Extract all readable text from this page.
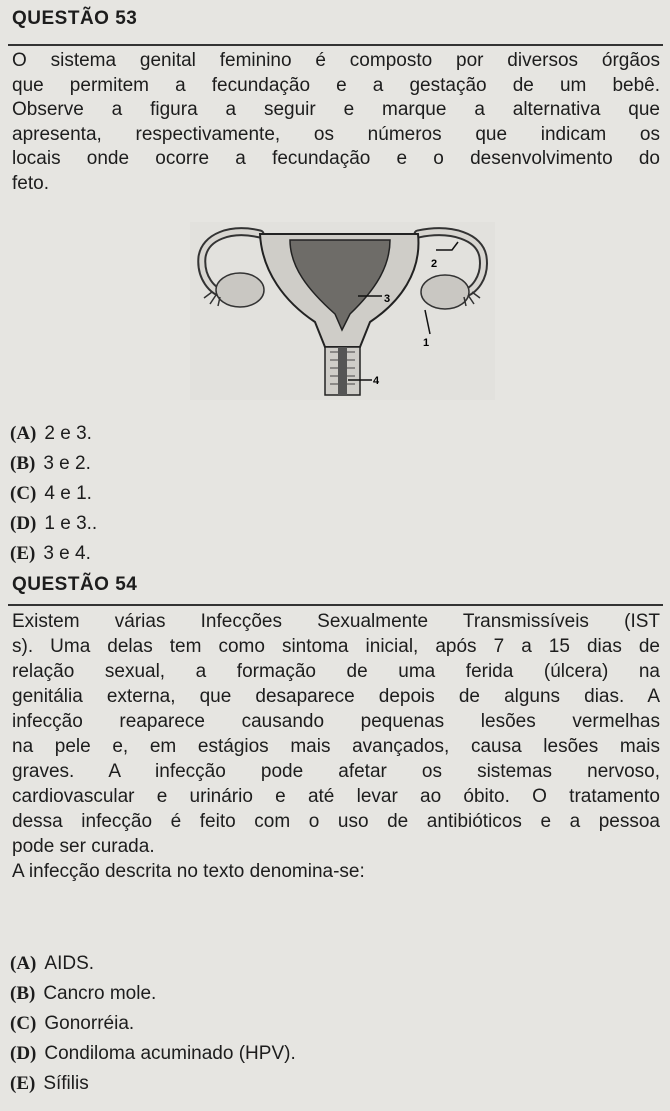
QUESTÃO 53
O sistema genital feminino é composto por diversos órgãos
que permitem a fecundação e a gestação de um bebê.
Observe a figura a seguir e marque a alternativa que
apresenta, respectivamente, os números que indicam os
locais onde ocorre a fecundação e o desenvolvimento do
feto.
2
3
1
4
(A) 2 e 3.
(B) 3 e 2.
(C) 4 e 1.
(D) 1 e 3..
(E) 3 e 4.
QUESTÃO 54
Existem várias Infecções Sexualmente Transmissíveis (IST
s). Uma delas tem como sintoma inicial, após 7 a 15 dias de
relação sexual, a formação de uma ferida (úlcera) na
genitália externa, que desaparece depois de alguns dias. A
infecção reaparece causando pequenas lesões vermelhas
na pele e, em estágios mais avançados, causa lesões mais
graves. A infecção pode afetar os sistemas nervoso,
cardiovascular e urinário e até levar ao óbito. O tratamento
dessa infecção é feito com o uso de antibióticos e a pessoa
pode ser curada.
A infecção descrita no texto denomina-se:
(A) AIDS.
(B) Cancro mole.
(C) Gonorréia.
(D) Condiloma acuminado (HPV).
(E) Sífilis
